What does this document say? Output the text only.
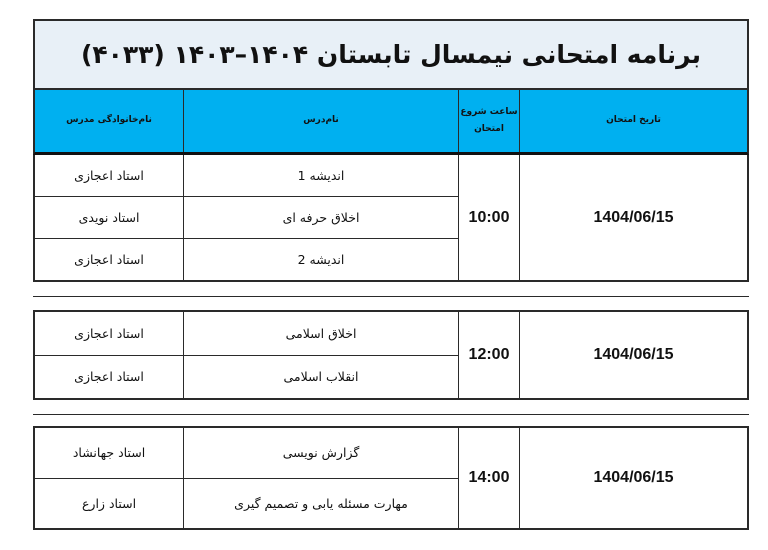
برنامه امتحانی نیمسال تابستان ۱۴۰۴–۱۴۰۳ (۴۰۳۳)
تاریخ امتحان
ساعت شروع
امتحان
نام‌درس
نام‌خانوادگی مدرس
1404/06/15
10:00
اندیشه 1
اخلاق حرفه ای
اندیشه 2
استاد اعجازی
استاد نویدی
استاد اعجازی
1404/06/15
12:00
اخلاق اسلامی
انقلاب اسلامی
استاد اعجازی
استاد اعجازی
1404/06/15
14:00
گزارش نویسی
مهارت مسئله یابی و تصمیم گیری
استاد جهانشاد
استاد زارع
